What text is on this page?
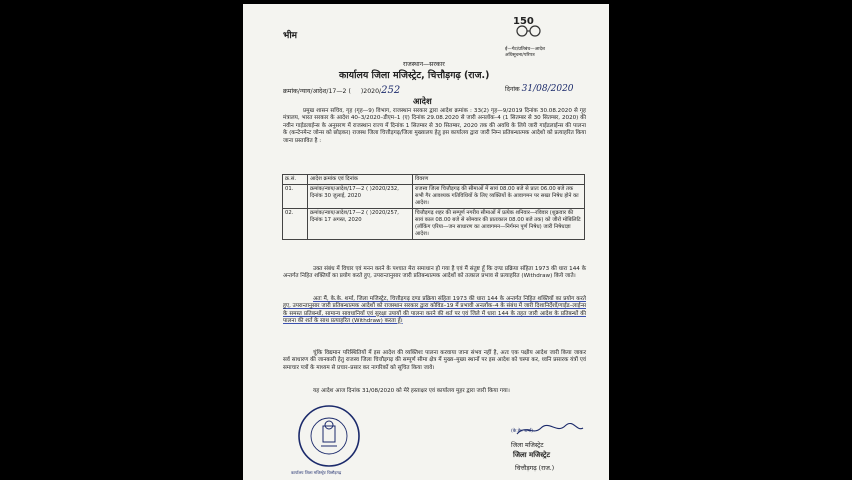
भीम
150
ई—गेट/प्रतिबंध—आदेश
अधिसूचना/परिपत्र
राजस्थान—सरकार
कार्यालय जिला मजिस्ट्रेट, चित्तौड़गढ़ (राज.)
क्रमांक/न्याय/आदेश/17—2 ( )2020/252	दिनांक 31/08/2020
आदेश

प्रमुख शासन सचिव, गृह (गृह—9) विभाग, राजस्थान सरकार द्वारा आदेश क्रमांक : 33(2) गृह—9/2019 दिनांक 30.08.2020 से गृह मंत्रालय, भारत सरकार के आदेश 40–3/2020–डीएम–1 (ए) दिनांक 29.08.2020 से जारी अनलॉक–4 (1 सितम्बर से 30 सितम्बर, 2020) की नवीन गाईडलाईन्स के अनुसरण में राजस्थान राज्य में दिनांक 1 सितम्बर से 30 सितम्बर, 2020 तक की अवधि के लिये जारी गाईडलाईन्स की पालना के (कन्टेनमेन्ट जोन्स को छोड़कर) राजस्थ जिला चित्तौड़गढ़/जिला मुख्यालय हेतु इस कार्यालय द्वारा जारी निम्न प्रतिबन्धात्मक आदेशो को प्रत्याहरित किया जाना प्रस्तावित है :

क्र.सं.	आदेश क्रमांक एवं दिनांक	विवरण
01.	क्रमांक/न्याय/आदेश/17—2 ( )2020/232, दिनांक 30 जुलाई, 2020	राजस्व जिला चित्तौड़गढ़ की सीमाओं में सायं 08.00 बजे से प्रातः 06.00 बजे तक सभी गैर आवश्यक गतिविधियों के लिए व्यक्तियों के आवागमन पर सख्त निषेध होने का आदेश।
02.	क्रमांक/न्याय/आदेश/17—2 ( )2020/257, दिनांक 17 अगस्त, 2020	चित्तौड़गढ़ शहर की सम्पूर्ण नगरीय सीमाओं में प्रत्येक शनिवार—रविवार (शुक्रवार की सायं काल 08.00 बजे से सोमवार की प्रातःकाल 08.00 बजे तक) को जीरो मोबिलिटि (लॉकिंग एरिया—जन साधारण का आवागमन—निर्गमन पूर्ण निषेध) जारी निषेधाज्ञा आदेश।

उक्त संबंध में विचार एवं मनन करने के पश्चात मेरा समाधान हो गया है एवं मैं संतुष्ट हूँ कि दण्ड प्रक्रिया संहिता 1973 की धारा 144 के अन्तर्गत निहित शक्तियों का प्रयोग करते हुए, उपरान्तानुसार जारी प्रतिबन्धात्मक आदेशों को तत्काल प्रभाव से प्रत्याहरित (Withdraw) किये जाते।

अतः मैं, के.के. शर्मा, जिला मजिस्ट्रेट, चित्तौड़गढ़ दण्ड प्रक्रिया संहिता 1973 की धारा 144 के अन्तर्गत निहित शक्तियों का प्रयोग करते हुए, उपरान्तानुसार जारी प्रतिबन्धात्मक आदेशों को राजस्थान सरकार द्वारा कोविड–19 में प्रभावी अनलॉक–4 के संबंध में जारी दिशानिर्देशों/गाईड–लाईन्स के समस्त प्रतिबन्धों, सामान्य सावधानियाँ एवं सुरक्षा उपायों की पालना करने की शर्त पर एवं जिले में धारा 144 के तहत जारी आदेश के प्रतिबन्धों की पालना की शर्त के साथ प्रत्याहरित (Withdraw) करता हूँ।

चूंकि विद्यमान परिस्थितियों में इस आदेश की व्यक्तिशः पालना करवाया जाना संभव नहीं है, अतः एक पक्षीय आदेश जारी किया जाकर सर्व साधारण की जानकारी हेतु राजस्व जिला चित्तौड़गढ़ की सम्पूर्ण सीमा क्षेत्र में मुख्य–मुख्य स्थानों पर इस आदेश को चस्पा कर, ध्वनि प्रसारक यंत्रों एवं समाचार पत्रों के माध्यम से प्रचार–प्रसार कर नागरिकों को सूचित किया जावे।

यह आदेश आज दिनांक 31/08/2020 को मेरे हस्ताक्षर एवं कार्यालय मुहर द्वारा जारी किया गया।

कार्यालय जिला मजिस्ट्रेट चित्तौड़गढ़
(के.के. शर्मा)
जिला मजिस्ट्रेट
जिला मजिस्ट्रेट
चित्तौड़गढ़ (राज.)
